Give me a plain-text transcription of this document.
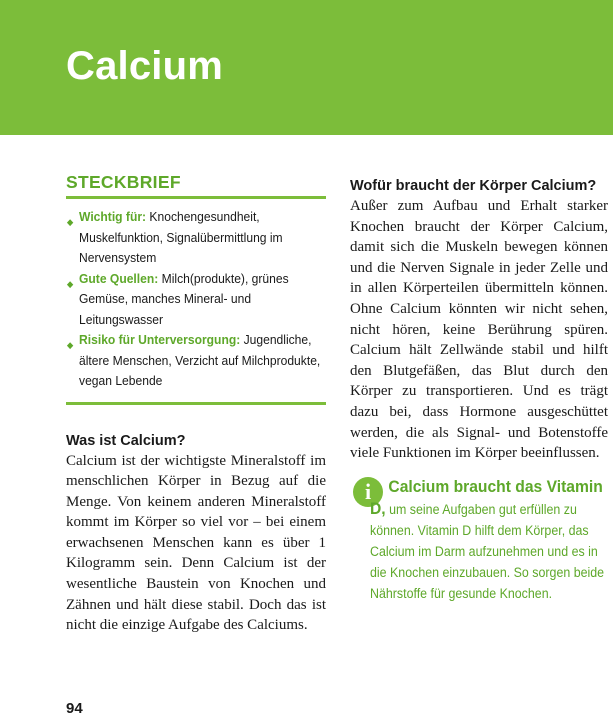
Calcium
STECKBRIEF
◆ Wichtig für: Knochengesundheit, Muskelfunktion, Signalübermittlung im Nervensystem
◆ Gute Quellen: Milch(produkte), grünes Gemüse, manches Mineral- und Leitungswasser
◆ Risiko für Unterversorgung: Jugendliche, ältere Menschen, Verzicht auf Milchprodukte, vegan Lebende
Was ist Calcium?

Calcium ist der wichtigste Mineralstoff im menschlichen Körper in Bezug auf die Menge. Von keinem anderen Mineralstoff kommt im Körper so viel vor – bei einem erwachsenen Menschen kann es über 1 Kilogramm sein. Denn Calcium ist der wesentliche Baustein von Knochen und Zähnen und hält diese stabil. Doch das ist nicht die einzige Aufgabe des Calciums.

Wofür braucht der Körper Calcium?

Außer zum Aufbau und Erhalt starker Knochen braucht der Körper Calcium, damit sich die Muskeln bewegen können und die Nerven Signale in jeder Zelle und in allen Körperteilen übermitteln können. Ohne Calcium könnten wir nicht sehen, nicht hören, keine Berührung spüren. Calcium hält Zellwände stabil und hilft den Blutgefäßen, das Blut durch den Körper zu transportieren. Und es trägt dazu bei, dass Hormone ausgeschüttet werden, die als Signal- und Botenstoffe viele Funktionen im Körper beeinflussen.

i	Calcium braucht das Vitamin D, um seine Aufgaben gut erfüllen zu können. Vitamin D hilft dem Körper, das Calcium im Darm aufzunehmen und es in die Knochen einzubauen. So sorgen beide Nährstoffe für gesunde Knochen.
94
